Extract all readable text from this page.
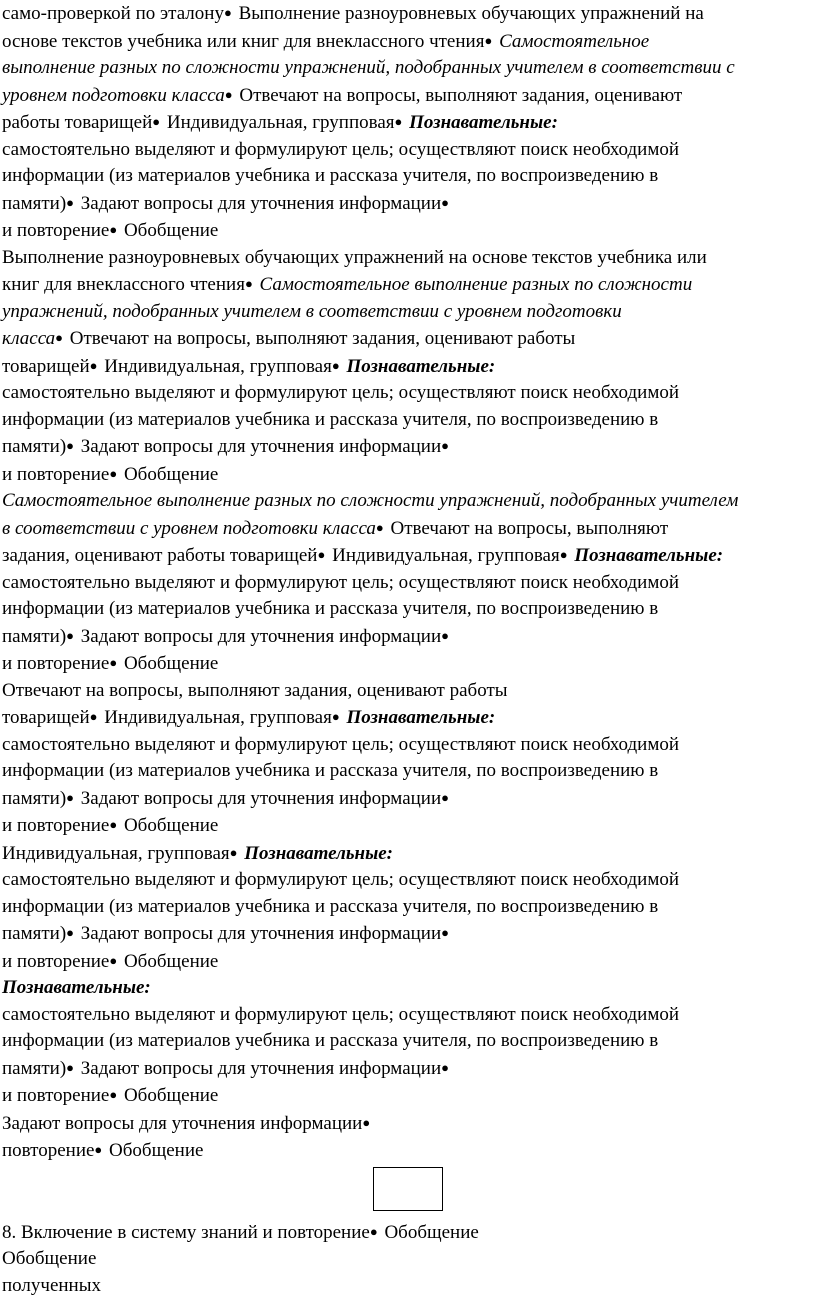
само-проверкой по эталону● Выполнение разноуровневых обучающих упражнений на
основе текстов учебника или книг для внеклассного чтения● Самостоятельное
выполнение разных по сложности упражнений, подобранных учителем в соответствии с
уровнем подготовки класса● Отвечают на вопросы, выполняют задания, оценивают
работы товарищей● Индивидуальная, групповая● Познавательные:
самостоятельно выделяют и формулируют цель; осуществляют поиск необходимой
информации (из материалов учебника и рассказа учителя, по воспроизведению в
памяти)● Задают вопросы для уточнения информации●
и повторение● Обобщение
Выполнение разноуровневых обучающих упражнений на основе текстов учебника или
книг для внеклассного чтения● Самостоятельное выполнение разных по сложности
упражнений, подобранных учителем в соответствии с уровнем подготовки
класса● Отвечают на вопросы, выполняют задания, оценивают работы
товарищей● Индивидуальная, групповая● Познавательные:
самостоятельно выделяют и формулируют цель; осуществляют поиск необходимой
информации (из материалов учебника и рассказа учителя, по воспроизведению в
памяти)● Задают вопросы для уточнения информации●
и повторение● Обобщение
Самостоятельное выполнение разных по сложности упражнений, подобранных учителем
в соответствии с уровнем подготовки класса● Отвечают на вопросы, выполняют
задания, оценивают работы товарищей● Индивидуальная, групповая● Познавательные:
самостоятельно выделяют и формулируют цель; осуществляют поиск необходимой
информации (из материалов учебника и рассказа учителя, по воспроизведению в
памяти)● Задают вопросы для уточнения информации●
и повторение● Обобщение
Отвечают на вопросы, выполняют задания, оценивают работы
товарищей● Индивидуальная, групповая● Познавательные:
самостоятельно выделяют и формулируют цель; осуществляют поиск необходимой
информации (из материалов учебника и рассказа учителя, по воспроизведению в
памяти)● Задают вопросы для уточнения информации●
и повторение● Обобщение
Индивидуальная, групповая● Познавательные:
самостоятельно выделяют и формулируют цель; осуществляют поиск необходимой
информации (из материалов учебника и рассказа учителя, по воспроизведению в
памяти)● Задают вопросы для уточнения информации●
и повторение● Обобщение
Познавательные:
самостоятельно выделяют и формулируют цель; осуществляют поиск необходимой
информации (из материалов учебника и рассказа учителя, по воспроизведению в
памяти)● Задают вопросы для уточнения информации●
и повторение● Обобщение
Задают вопросы для уточнения информации●
повторение● Обобщение
8. Включение в систему знаний и повторение● Обобщение
Обобщение
полученных
